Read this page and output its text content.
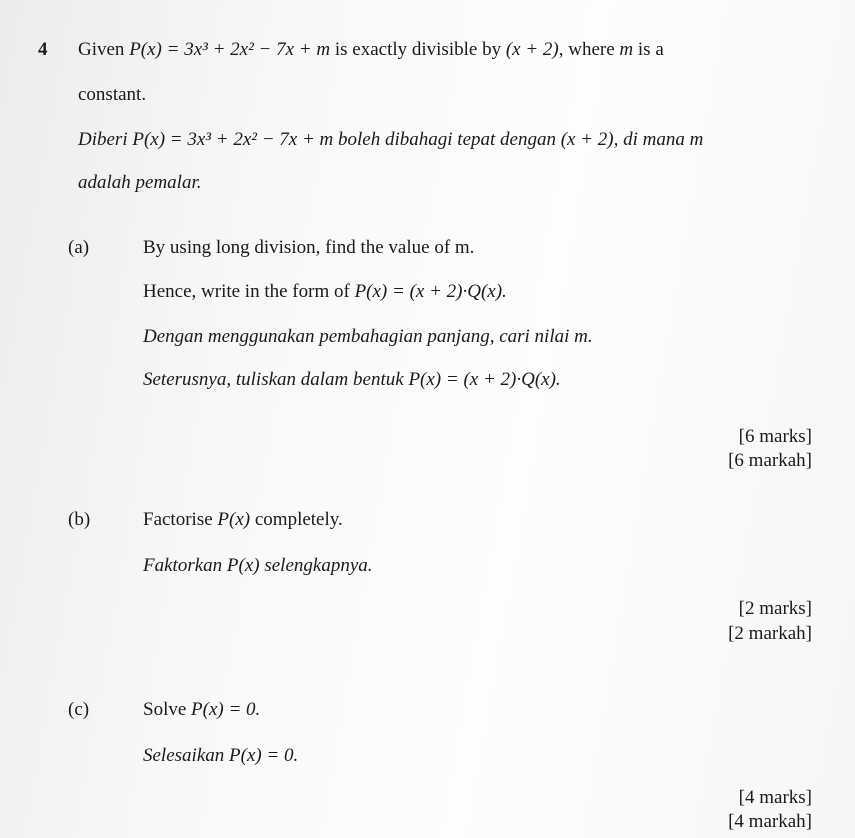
4 Given P(x) = 3x³ + 2x² − 7x + m is exactly divisible by (x + 2), where m is a
constant.
Diberi P(x) = 3x³ + 2x² − 7x + m boleh dibahagi tepat dengan (x + 2), di mana m
adalah pemalar.
(a)	By using long division, find the value of m.
Hence, write in the form of P(x) = (x + 2)·Q(x).
Dengan menggunakan pembahagian panjang, cari nilai m.
Seterusnya, tuliskan dalam bentuk P(x) = (x + 2)·Q(x).
[6 marks]
[6 markah]
(b)	Factorise P(x) completely.
Faktorkan P(x) selengkapnya.
[2 marks]
[2 markah]
(c)	Solve P(x) = 0.
Selesaikan P(x) = 0.
[4 marks]
[4 markah]
